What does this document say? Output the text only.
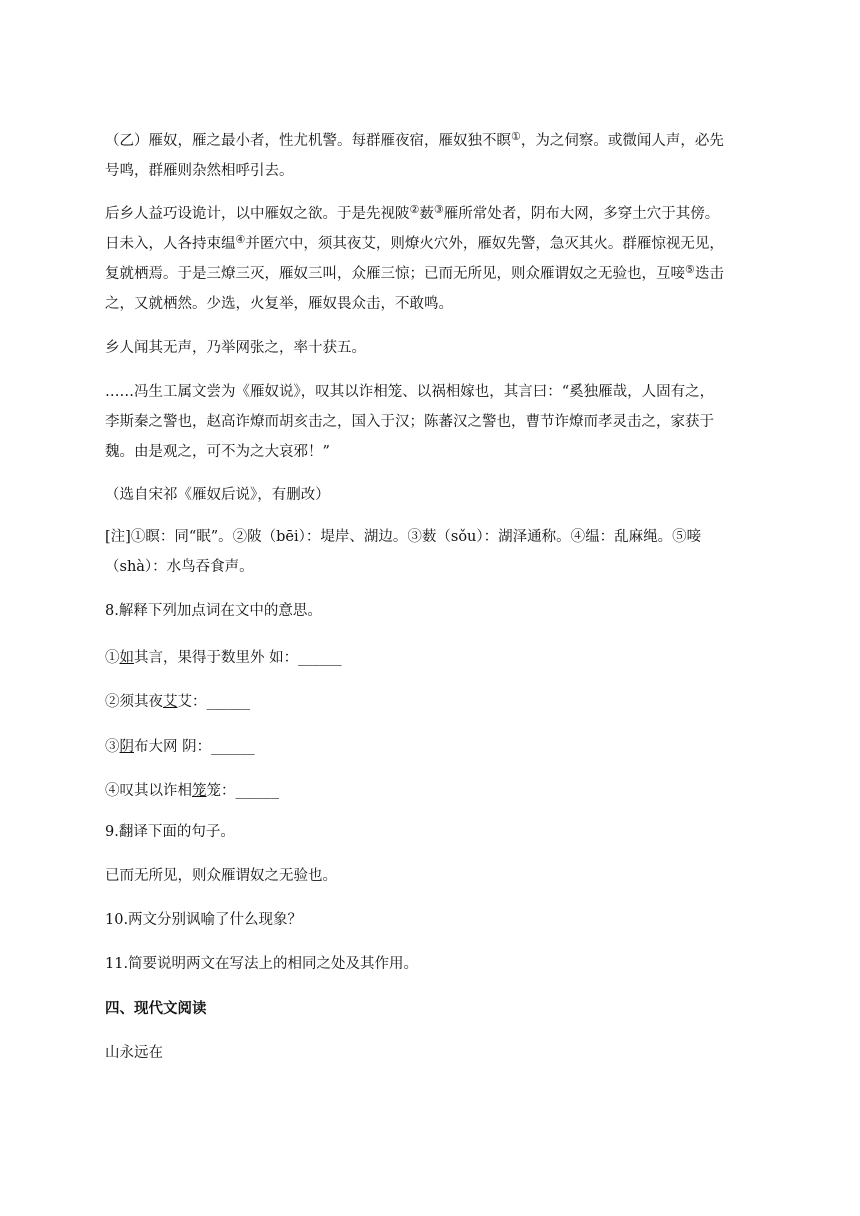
（乙）雁奴，雁之最小者，性尤机警。每群雁夜宿，雁奴独不瞑①，为之伺察。或微闻人声，必先
号鸣，群雁则杂然相呼引去。
后乡人益巧设诡计，以中雁奴之欲。于是先视陂②薮③雁所常处者，阴布大网，多穿土穴于其傍。
日未入，人各持束缊④并匿穴中，须其夜艾，则燎火穴外，雁奴先警，急灭其火。群雁惊视无见，
复就栖焉。于是三燎三灭，雁奴三叫，众雁三惊；已而无所见，则众雁谓奴之无验也，互唼⑤迭击
之，又就栖然。少选，火复举，雁奴畏众击，不敢鸣。
乡人闻其无声，乃举网张之，率十获五。
……冯生工属文尝为《雁奴说》，叹其以诈相笼、以祸相嫁也，其言曰：“奚独雁哉，人固有之，
李斯秦之警也，赵高诈燎而胡亥击之，国入于汉；陈蕃汉之警也，曹节诈燎而孝灵击之，家获于
魏。由是观之，可不为之大哀邪！”
（选自宋祁《雁奴后说》，有删改）
[注]①瞑：同“眠”。②陂（bēi）：堤岸、湖边。③薮（sǒu）：湖泽通称。④缊：乱麻绳。⑤唼
（shà）：水鸟吞食声。
8.解释下列加点词在文中的意思。
①如其言，果得于数里外 如：______
②须其夜艾艾：______
③阴布大网 阴：______
④叹其以诈相笼笼：______
9.翻译下面的句子。
已而无所见，则众雁谓奴之无验也。
10.两文分别讽喻了什么现象？
11.简要说明两文在写法上的相同之处及其作用。
四、现代文阅读
山永远在
